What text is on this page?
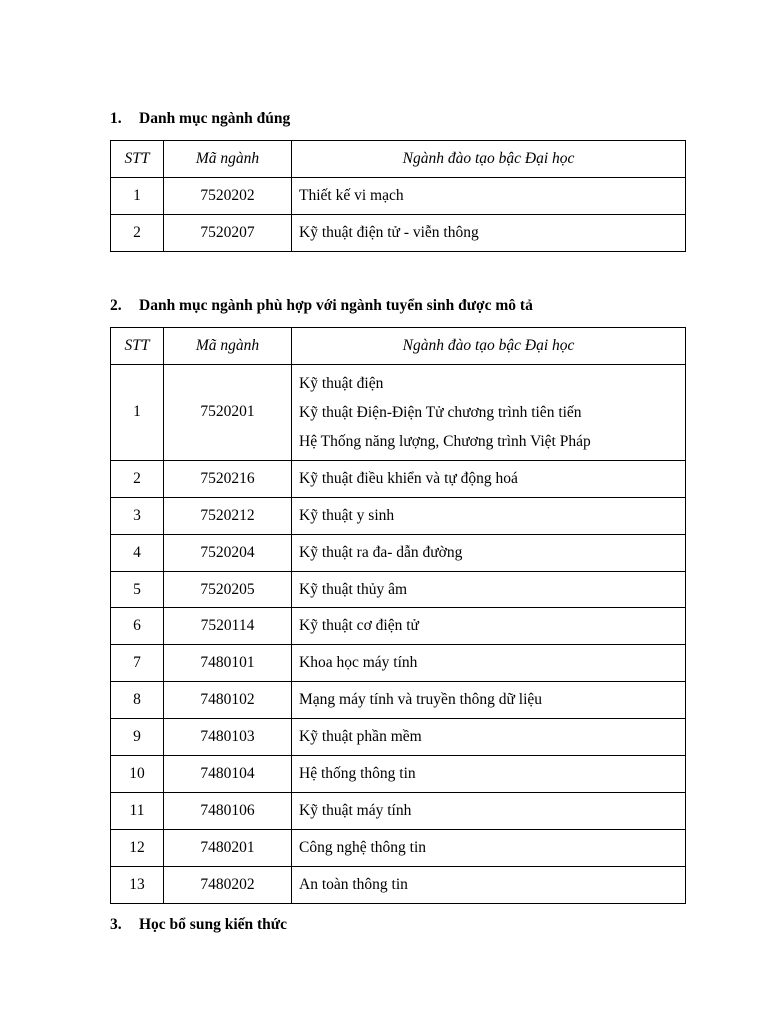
1. Danh mục ngành đúng
STT	Mã ngành	Ngành đào tạo bậc Đại học
1	7520202	Thiết kế vi mạch
2	7520207	Kỹ thuật điện tử - viễn thông
2. Danh mục ngành phù hợp với ngành tuyển sinh được mô tả
STT	Mã ngành	Ngành đào tạo bậc Đại học
1	7520201	Kỹ thuật điện
Kỹ thuật Điện-Điện Tử chương trình tiên tiến
Hệ Thống năng lượng, Chương trình Việt Pháp

2	7520216	Kỹ thuật điều khiển và tự động hoá
3	7520212	Kỹ thuật y sinh
4	7520204	Kỹ thuật ra đa- dẫn đường
5	7520205	Kỹ thuật thủy âm
6	7520114	Kỹ thuật cơ điện tử
7	7480101	Khoa học máy tính
8	7480102	Mạng máy tính và truyền thông dữ liệu
9	7480103	Kỹ thuật phần mềm
10	7480104	Hệ thống thông tin
11	7480106	Kỹ thuật máy tính
12	7480201	Công nghệ thông tin
13	7480202	An toàn thông tin
3. Học bổ sung kiến thức
